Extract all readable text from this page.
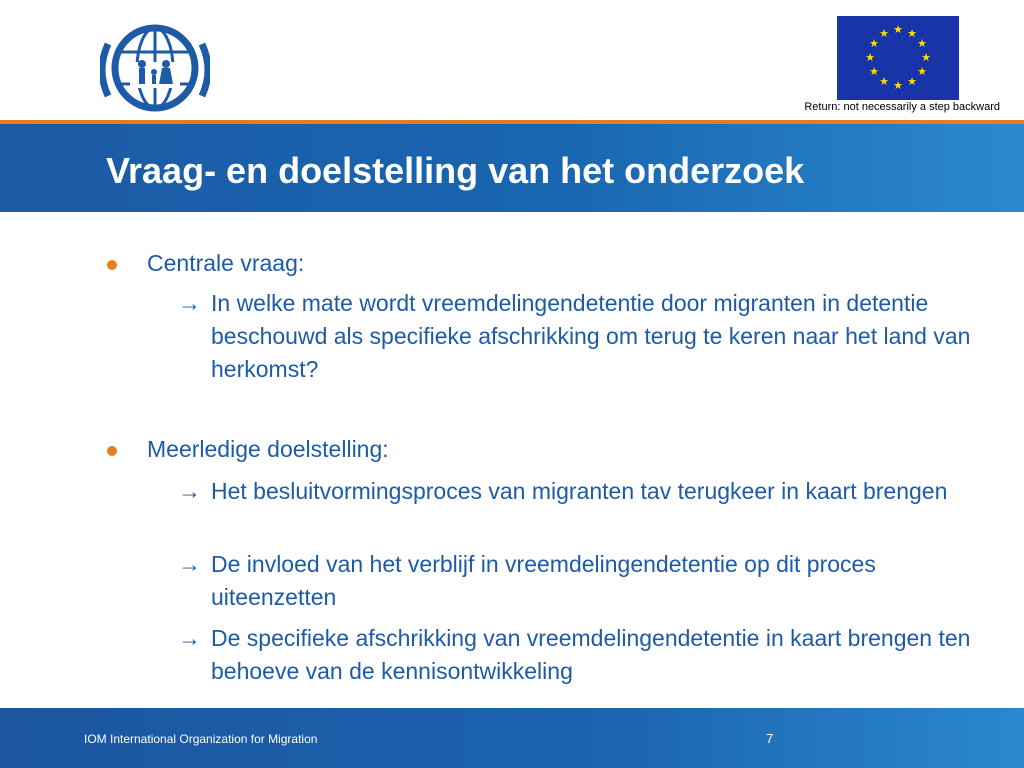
★ ★
★
★
★
★
★
★
★
★
★
★
Return: not necessarily a step backward
Vraag- en doelstelling van het onderzoek
Centrale vraag:
→ In welke mate wordt vreemdelingendetentie door migranten in detentie beschouwd als specifieke afschrikking om terug te keren naar het land van herkomst?
Meerledige doelstelling:
→ Het besluitvormingsproces van migranten tav terugkeer in kaart brengen
→ De invloed van het verblijf in vreemdelingendetentie op dit proces uiteenzetten
→ De specifieke afschrikking van vreemdelingendetentie in kaart brengen ten behoeve van de kennisontwikkeling
IOM International Organization for Migration	7
